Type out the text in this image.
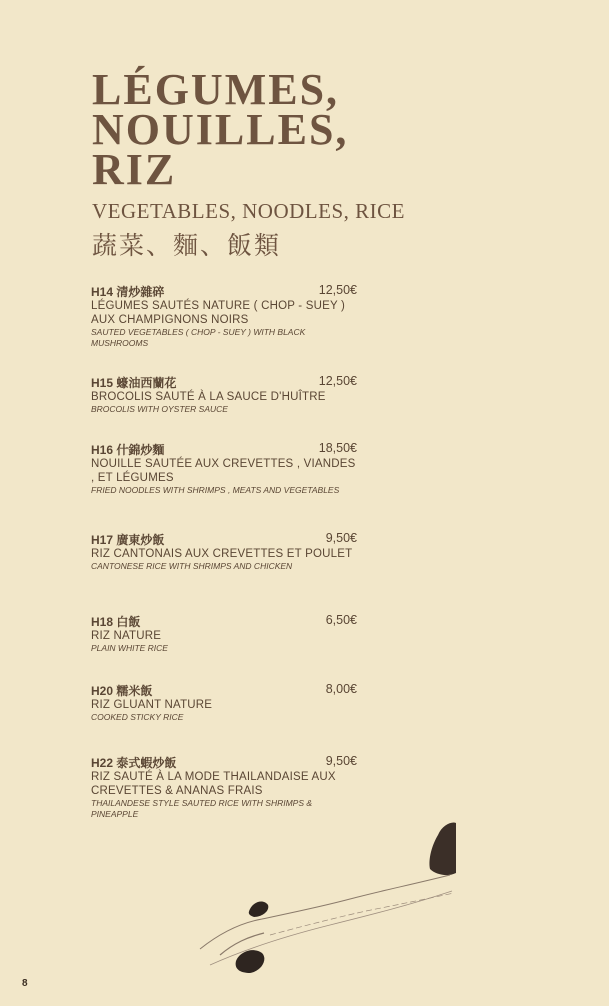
LÉGUMES,
NOUILLES,
RIZ
VEGETABLES, NOODLES, RICE
蔬菜、麵、飯類
H14 清炒雜碎	12,50€
LÉGUMES SAUTÉS NATURE ( CHOP - SUEY ) AUX CHAMPIGNONS NOIRS
SAUTED VEGETABLES ( CHOP - SUEY ) WITH BLACK MUSHROOMS
H15 蠔油西蘭花	12,50€
BROCOLIS SAUTÉ À LA SAUCE D'HUÎTRE
BROCOLIS WITH OYSTER SAUCE
H16 什錦炒麵	18,50€
NOUILLE SAUTÉE AUX CREVETTES , VIANDES , ET LÉGUMES
FRIED NOODLES WITH SHRIMPS , MEATS AND VEGETABLES
H17 廣東炒飯	9,50€
RIZ CANTONAIS AUX CREVETTES ET POULET
CANTONESE RICE WITH SHRIMPS AND CHICKEN
H18 白飯	6,50€
RIZ NATURE
PLAIN WHITE RICE
H20 糯米飯	8,00€
RIZ GLUANT NATURE
COOKED STICKY RICE
H22 泰式蝦炒飯	9,50€
RIZ SAUTÉ À LA MODE THAILANDAISE AUX CREVETTES & ANANAS FRAIS
THAILANDESE STYLE SAUTED RICE WITH SHRIMPS & PINEAPPLE
8
